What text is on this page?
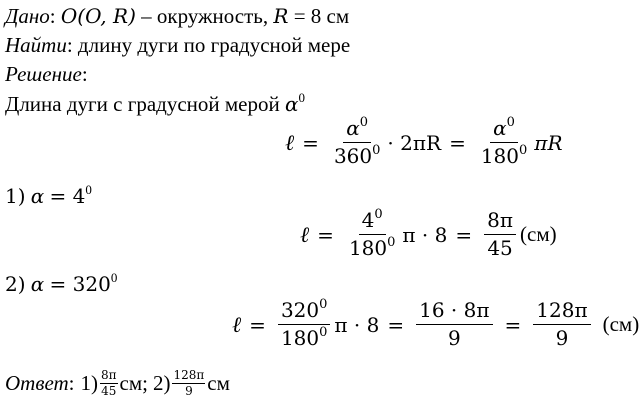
Дано: O(O, R) – окружность, R = 8 см
Найти: длину дуги по градусной мере
Решение:
Длина дуги с градусной мерой $\alpha^0$
ℓ = $\frac{\alpha^0}{360^0} \cdot 2\pi R = \frac{\alpha^0}{180^0}$ πR
1) $\alpha = 4^0$
ℓ = $\frac{4^0}{180^0}$ $\pi \cdot 8 = \frac{8\pi}{45} (см)$
2) $\alpha = 320^0$
ℓ = $\frac{320^0}{180^0}$ $\pi \cdot 8 = \frac{16 \cdot 8\pi}{9} = \frac{128\pi}{9} (см)$
Ответ : $1) \frac{8\pi}{45}$ см; $2) \frac{128\pi}{9}$ см
